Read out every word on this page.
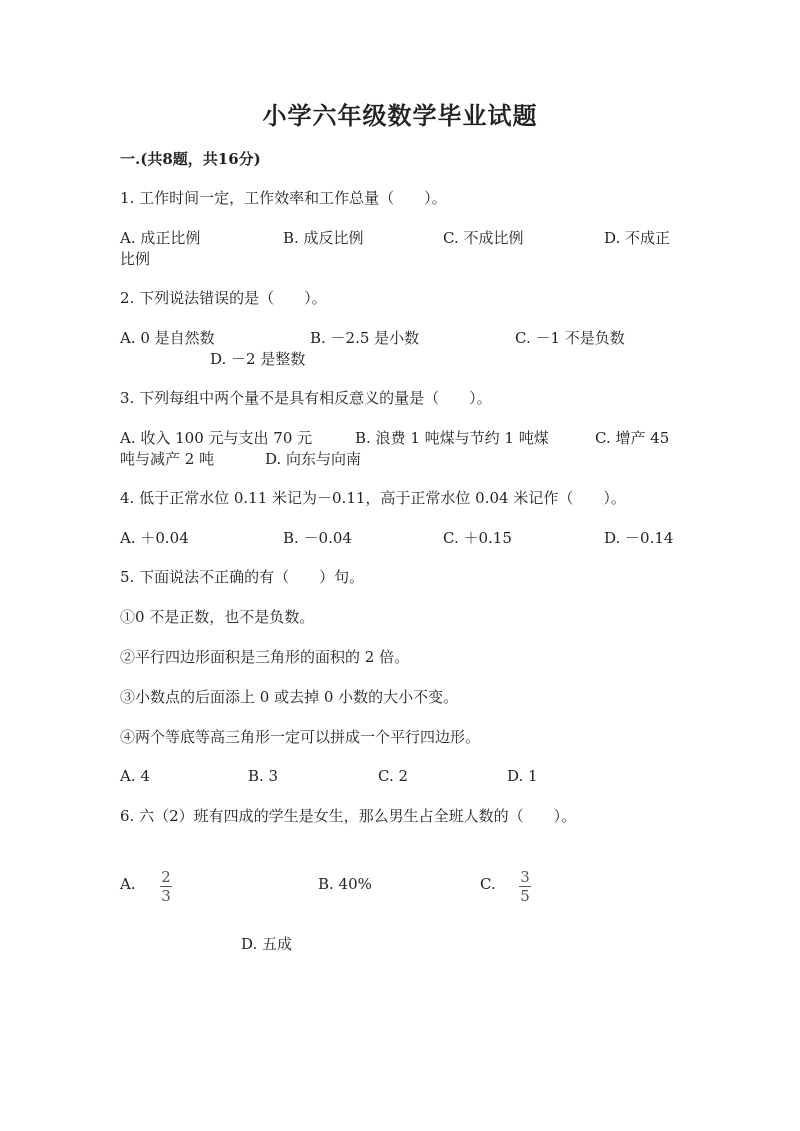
小学六年级数学毕业试题
一.(共8题，共16分)
1. 工作时间一定，工作效率和工作总量（　　）。
A. 成正比例	B. 成反比例	C. 不成比例	D. 不成正
比例
2. 下列说法错误的是（　　）。
A. 0 是自然数	B. －2.5 是小数	C. －1 不是负数
D. －2 是整数
3. 下列每组中两个量不是具有相反意义的量是（　　）。
A. 收入 100 元与支出 70 元	B. 浪费 1 吨煤与节约 1 吨煤	C. 增产 45
吨与减产 2 吨	D. 向东与向南
4. 低于正常水位 0.11 米记为－0.11，高于正常水位 0.04 米记作（　　）。
A. ＋0.04	B. －0.04	C. ＋0.15	D. －0.14
5. 下面说法不正确的有（　　）句。
①0 不是正数，也不是负数。
②平行四边形面积是三角形的面积的 2 倍。
③小数点的后面添上 0 或去掉 0 小数的大小不变。
④两个等底等高三角形一定可以拼成一个平行四边形。
A. 4	B. 3	C. 2	D. 1
6. 六（2）班有四成的学生是女生，那么男生占全班人数的（　　）。
A. 2
3
B. 40%	C. 3
5
D. 五成
